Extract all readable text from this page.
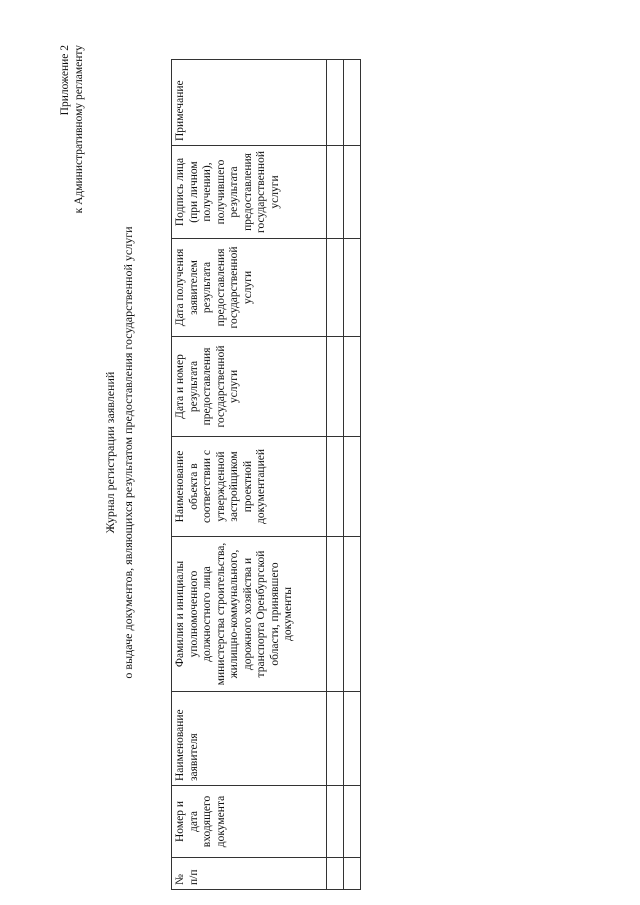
Приложение 2 к Административному регламенту
Журнал регистрации заявлений о выдаче документов, являющихся результатом предоставления государственной услуги
№ п/п	Номер и дата входящего документа	Наименование заявителя	Фамилия и инициалы уполномоченного должностного лица министерства строительства, жилищно-коммунального, дорожного хозяйства и транспорта Оренбургской области, принявшего документы	Наименование объекта в соответствии с утвержденной застройщиком проектной документацией	Дата и номер результата предоставления государственной услуги	Дата получения заявителем результата предоставления государственной услуги	Подпись лица (при личном получении), получившего результата предоставления государственной услуги	Примечание
